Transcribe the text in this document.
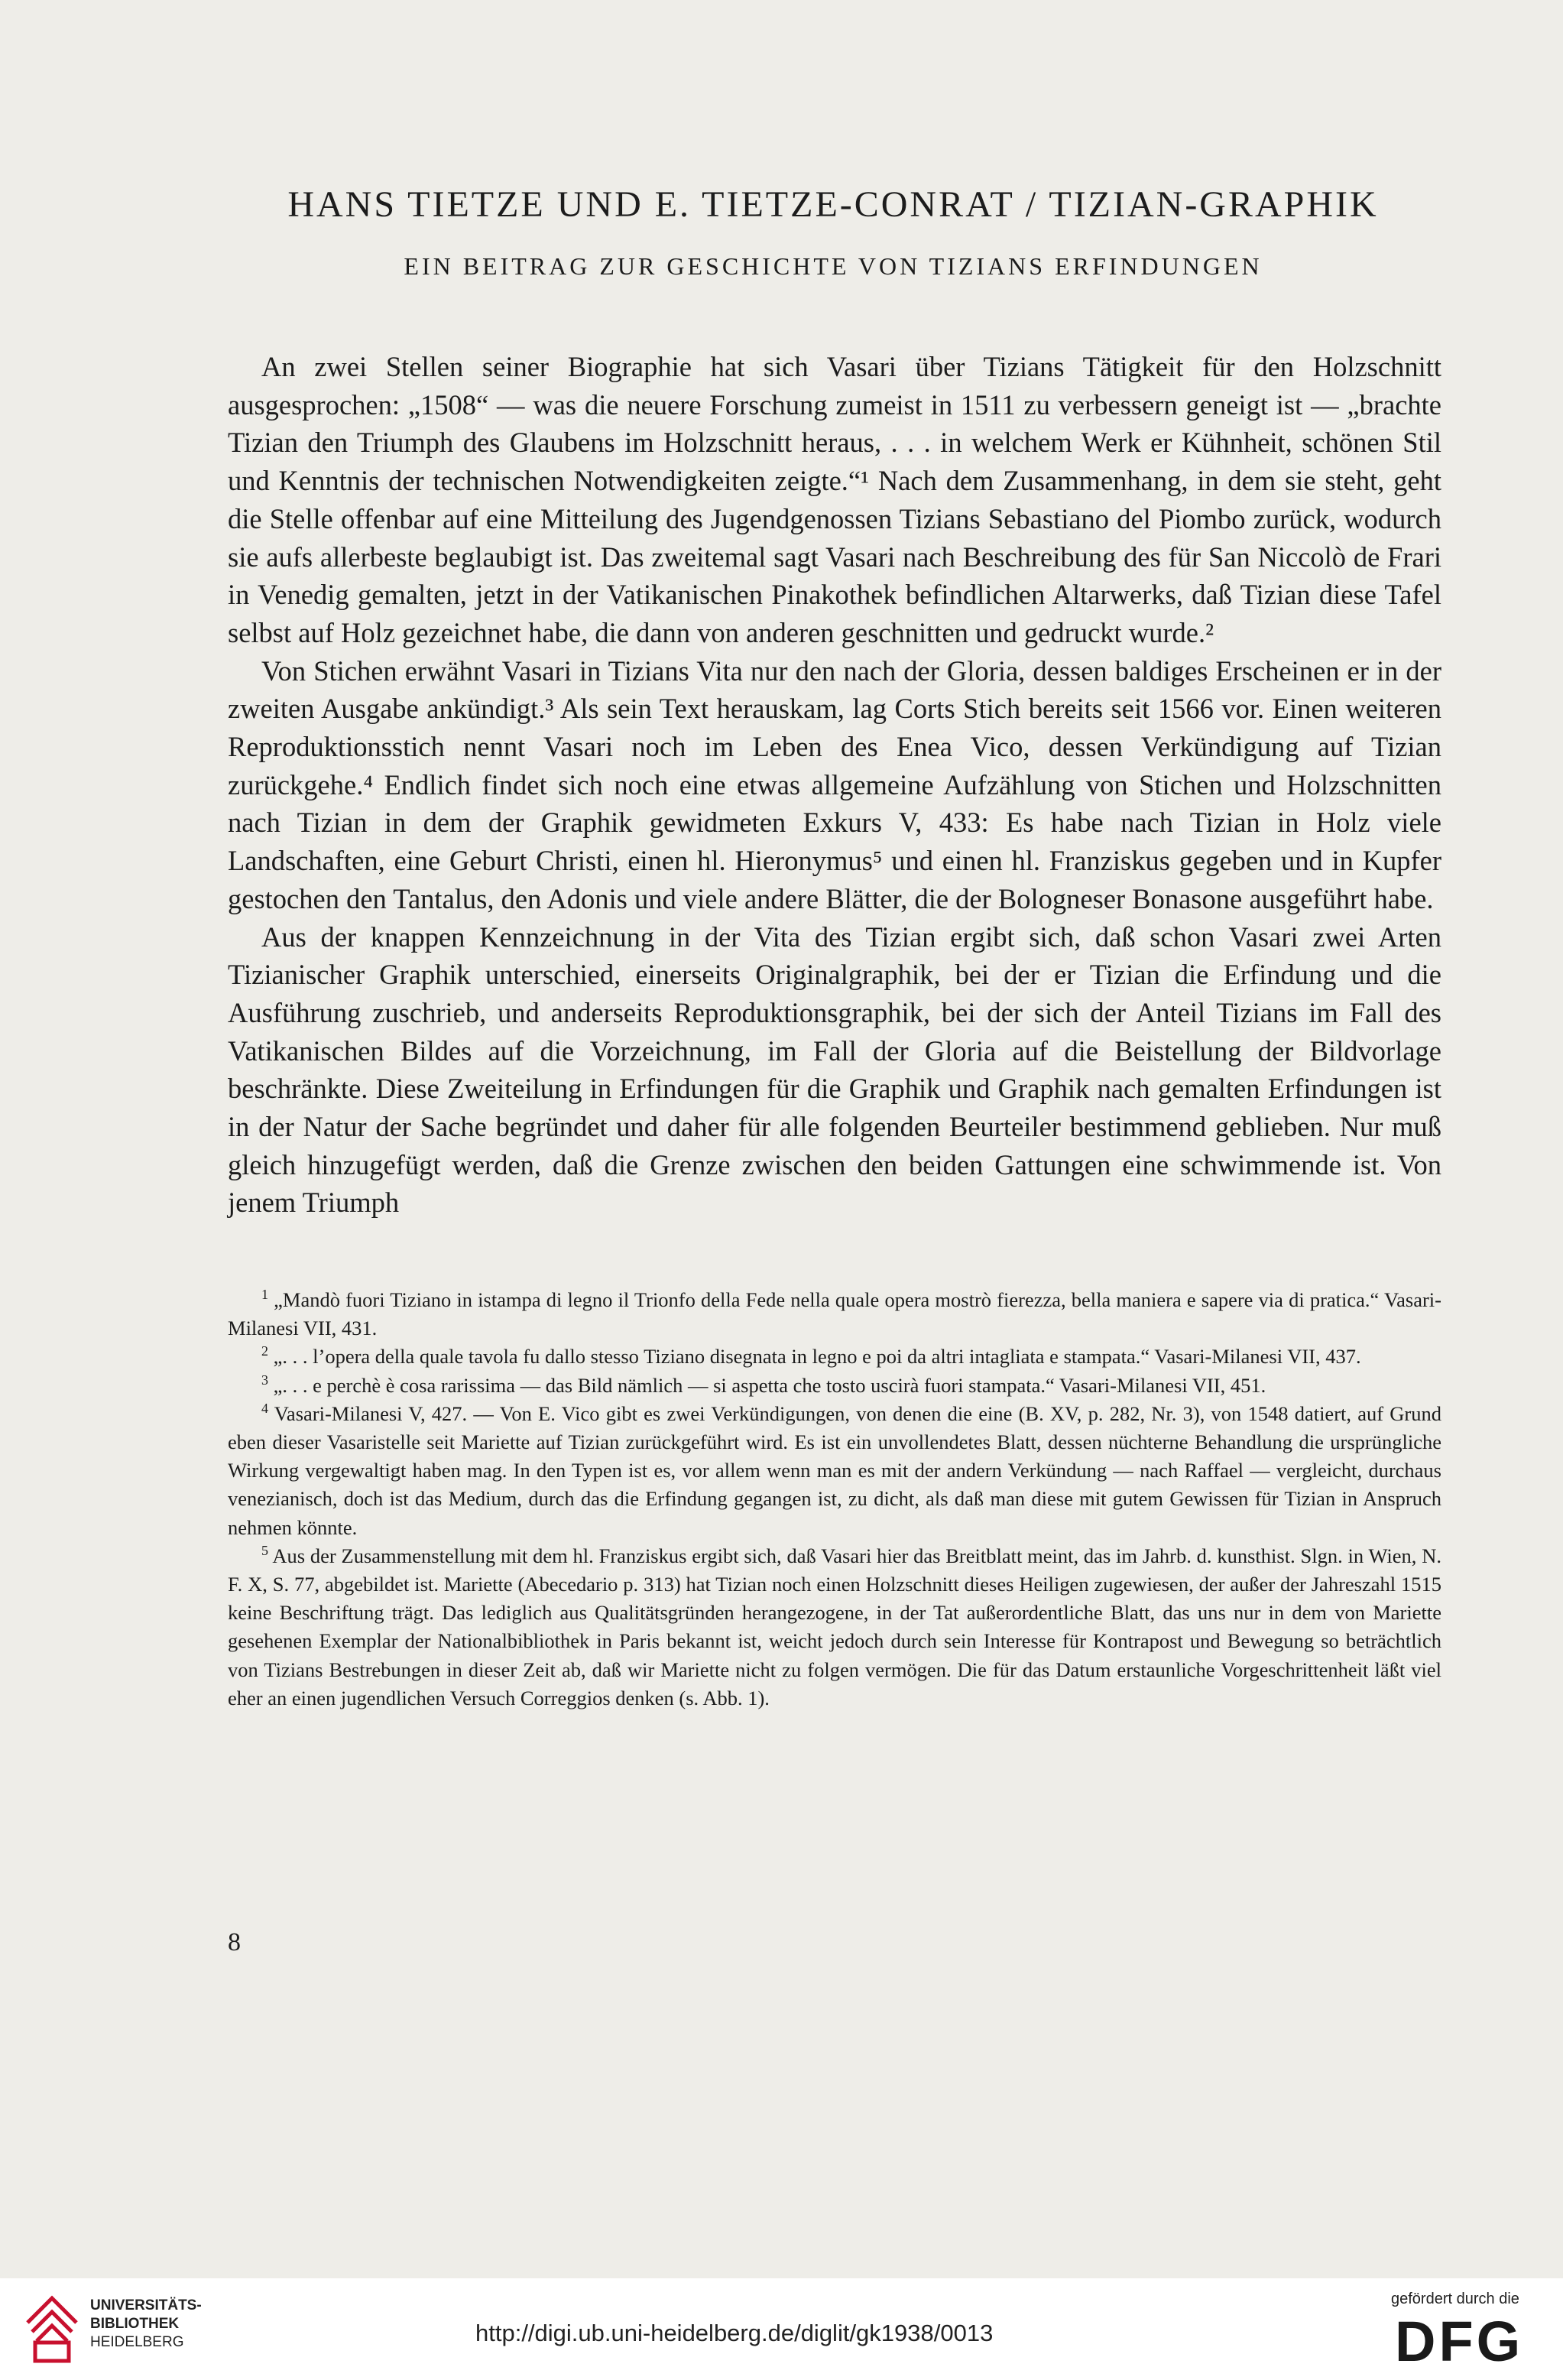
HANS TIETZE UND E. TIETZE-CONRAT / TIZIAN-GRAPHIK
EIN BEITRAG ZUR GESCHICHTE VON TIZIANS ERFINDUNGEN

An zwei Stellen seiner Biographie hat sich Vasari über Tizians Tätigkeit für den Holzschnitt ausgesprochen: „1508“ — was die neuere Forschung zumeist in 1511 zu verbessern geneigt ist — „brachte Tizian den Triumph des Glaubens im Holzschnitt heraus, . . . in welchem Werk er Kühnheit, schönen Stil und Kenntnis der technischen Notwendigkeiten zeigte.“¹ Nach dem Zusammenhang, in dem sie steht, geht die Stelle offenbar auf eine Mitteilung des Jugendgenossen Tizians Sebastiano del Piombo zurück, wodurch sie aufs allerbeste beglaubigt ist. Das zweitemal sagt Vasari nach Beschreibung des für San Niccolò de Frari in Venedig gemalten, jetzt in der Vatikanischen Pinakothek befindlichen Altarwerks, daß Tizian diese Tafel selbst auf Holz gezeichnet habe, die dann von anderen geschnitten und gedruckt wurde.²

Von Stichen erwähnt Vasari in Tizians Vita nur den nach der Gloria, dessen baldiges Erscheinen er in der zweiten Ausgabe ankündigt.³ Als sein Text herauskam, lag Corts Stich bereits seit 1566 vor. Einen weiteren Reproduktionsstich nennt Vasari noch im Leben des Enea Vico, dessen Verkündigung auf Tizian zurückgehe.⁴ Endlich findet sich noch eine etwas allgemeine Aufzählung von Stichen und Holzschnitten nach Tizian in dem der Graphik gewidmeten Exkurs V, 433: Es habe nach Tizian in Holz viele Landschaften, eine Geburt Christi, einen hl. Hieronymus⁵ und einen hl. Franziskus gegeben und in Kupfer gestochen den Tantalus, den Adonis und viele andere Blätter, die der Bologneser Bonasone ausgeführt habe.

Aus der knappen Kennzeichnung in der Vita des Tizian ergibt sich, daß schon Vasari zwei Arten Tizianischer Graphik unterschied, einerseits Originalgraphik, bei der er Tizian die Erfindung und die Ausführung zuschrieb, und anderseits Reproduktionsgraphik, bei der sich der Anteil Tizians im Fall des Vatikanischen Bildes auf die Vorzeichnung, im Fall der Gloria auf die Beistellung der Bildvorlage beschränkte. Diese Zweiteilung in Erfindungen für die Graphik und Graphik nach gemalten Erfindungen ist in der Natur der Sache begründet und daher für alle folgenden Beurteiler bestimmend geblieben. Nur muß gleich hinzugefügt werden, daß die Grenze zwischen den beiden Gattungen eine schwimmende ist. Von jenem Triumph

$^1$ „Mandò fuori Tiziano in istampa di legno il Trionfo della Fede nella quale opera mostrò fierezza, bella maniera e sapere via di pratica.“ Vasari-Milanesi VII, 431.

$^2$ „. . . l’opera della quale tavola fu dallo stesso Tiziano disegnata in legno e poi da altri intagliata e stampata.“ Vasari-Milanesi VII, 437.

$^3$ „. . . e perchè è cosa rarissima — das Bild nämlich — si aspetta che tosto uscirà fuori stampata.“ Vasari-Milanesi VII, 451.

$^4$ Vasari-Milanesi V, 427. — Von E. Vico gibt es zwei Verkündigungen, von denen die eine (B. XV, p. 282, Nr. 3), von 1548 datiert, auf Grund eben dieser Vasaristelle seit Mariette auf Tizian zurückgeführt wird. Es ist ein unvollendetes Blatt, dessen nüchterne Behandlung die ursprüngliche Wirkung vergewaltigt haben mag. In den Typen ist es, vor allem wenn man es mit der andern Verkündung — nach Raffael — vergleicht, durchaus venezianisch, doch ist das Medium, durch das die Erfindung gegangen ist, zu dicht, als daß man diese mit gutem Gewissen für Tizian in Anspruch nehmen könnte.

$^5$ Aus der Zusammenstellung mit dem hl. Franziskus ergibt sich, daß Vasari hier das Breitblatt meint, das im Jahrb. d. kunsthist. Slgn. in Wien, N. F. X, S. 77, abgebildet ist. Mariette (Abecedario p. 313) hat Tizian noch einen Holzschnitt dieses Heiligen zugewiesen, der außer der Jahreszahl 1515 keine Beschriftung trägt. Das lediglich aus Qualitätsgründen herangezogene, in der Tat außerordentliche Blatt, das uns nur in dem von Mariette gesehenen Exemplar der Nationalbibliothek in Paris bekannt ist, weicht jedoch durch sein Interesse für Kontrapost und Bewegung so beträchtlich von Tizians Bestrebungen in dieser Zeit ab, daß wir Mariette nicht zu folgen vermögen. Die für das Datum erstaunliche Vorgeschrittenheit läßt viel eher an einen jugendlichen Versuch Correggios denken (s. Abb. 1).

8
UNIVERSITÄTS-
BIBLIOTHEK
HEIDELBERG	http://digi.ub.uni-heidelberg.de/diglit/gk1938/0013
gefördert durch die
DFG
